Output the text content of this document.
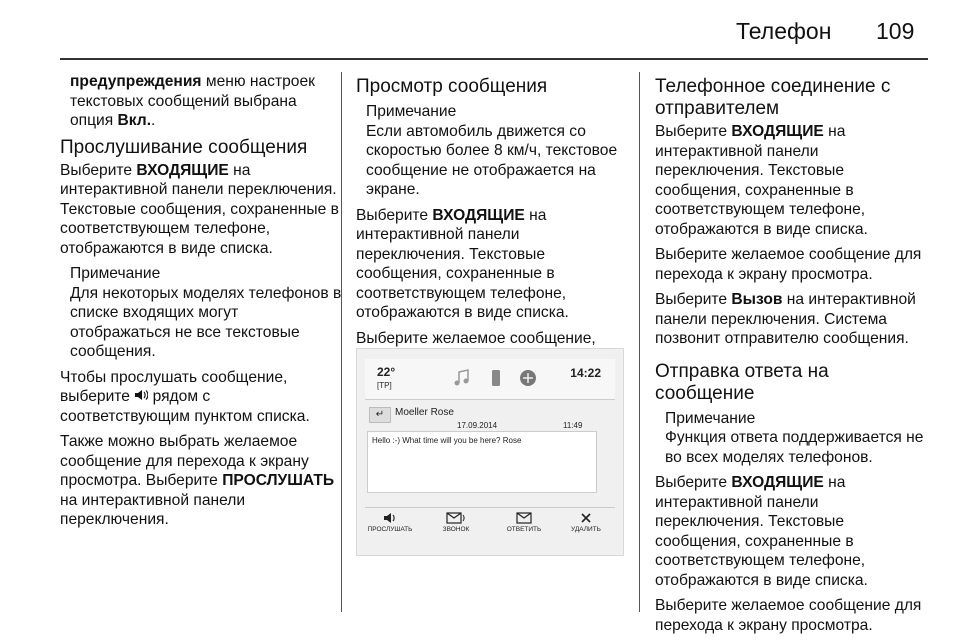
Телефон 109

предупреждения меню настроек текстовых сообщений выбрана опция Вкл..

Прослушивание сообщения

Выберите ВХОДЯЩИЕ на интерактивной панели переключения. Текстовые сообщения, сохраненные в соответствующем телефоне, отображаются в виде списка.

Примечание
Для некоторых моделях телефонов в списке входящих могут отображаться не все текстовые сообщения.

Чтобы прослушать сообщение, выберите  рядом с соответствующим пунктом списка.

Также можно выбрать желаемое сообщение для перехода к экрану просмотра. Выберите ПРОСЛУШАТЬ на интерактивной панели переключения.

Просмотр сообщения
Примечание
Если автомобиль движется со скоростью более 8 км/ч, текстовое сообщение не отображается на экране.

Выберите ВХОДЯЩИЕ на интерактивной панели переключения. Текстовые сообщения, сохраненные в соответствующем телефоне, отображаются в виде списка.

Выберите желаемое сообщение,

22°
[TP]
14:22
↵	Moeller Rose
17.09.2014	11:49
Hello :-) What time will you be here? Rose
ПРОСЛУШАТЬ	ЗВОНОК	ОТВЕТИТЬ	УДАЛИТЬ
Телефонное соединение с отправителем

Выберите ВХОДЯЩИЕ на интерактивной панели переключения. Текстовые сообщения, сохраненные в соответствующем телефоне, отображаются в виде списка.

Выберите желаемое сообщение для перехода к экрану просмотра.

Выберите Вызов на интерактивной панели переключения. Система позвонит отправителю сообщения.

Отправка ответа на сообщение
Примечание
Функция ответа поддерживается не во всех моделях телефонов.

Выберите ВХОДЯЩИЕ на интерактивной панели переключения. Текстовые сообщения, сохраненные в соответствующем телефоне, отображаются в виде списка.

Выберите желаемое сообщение для перехода к экрану просмотра.
